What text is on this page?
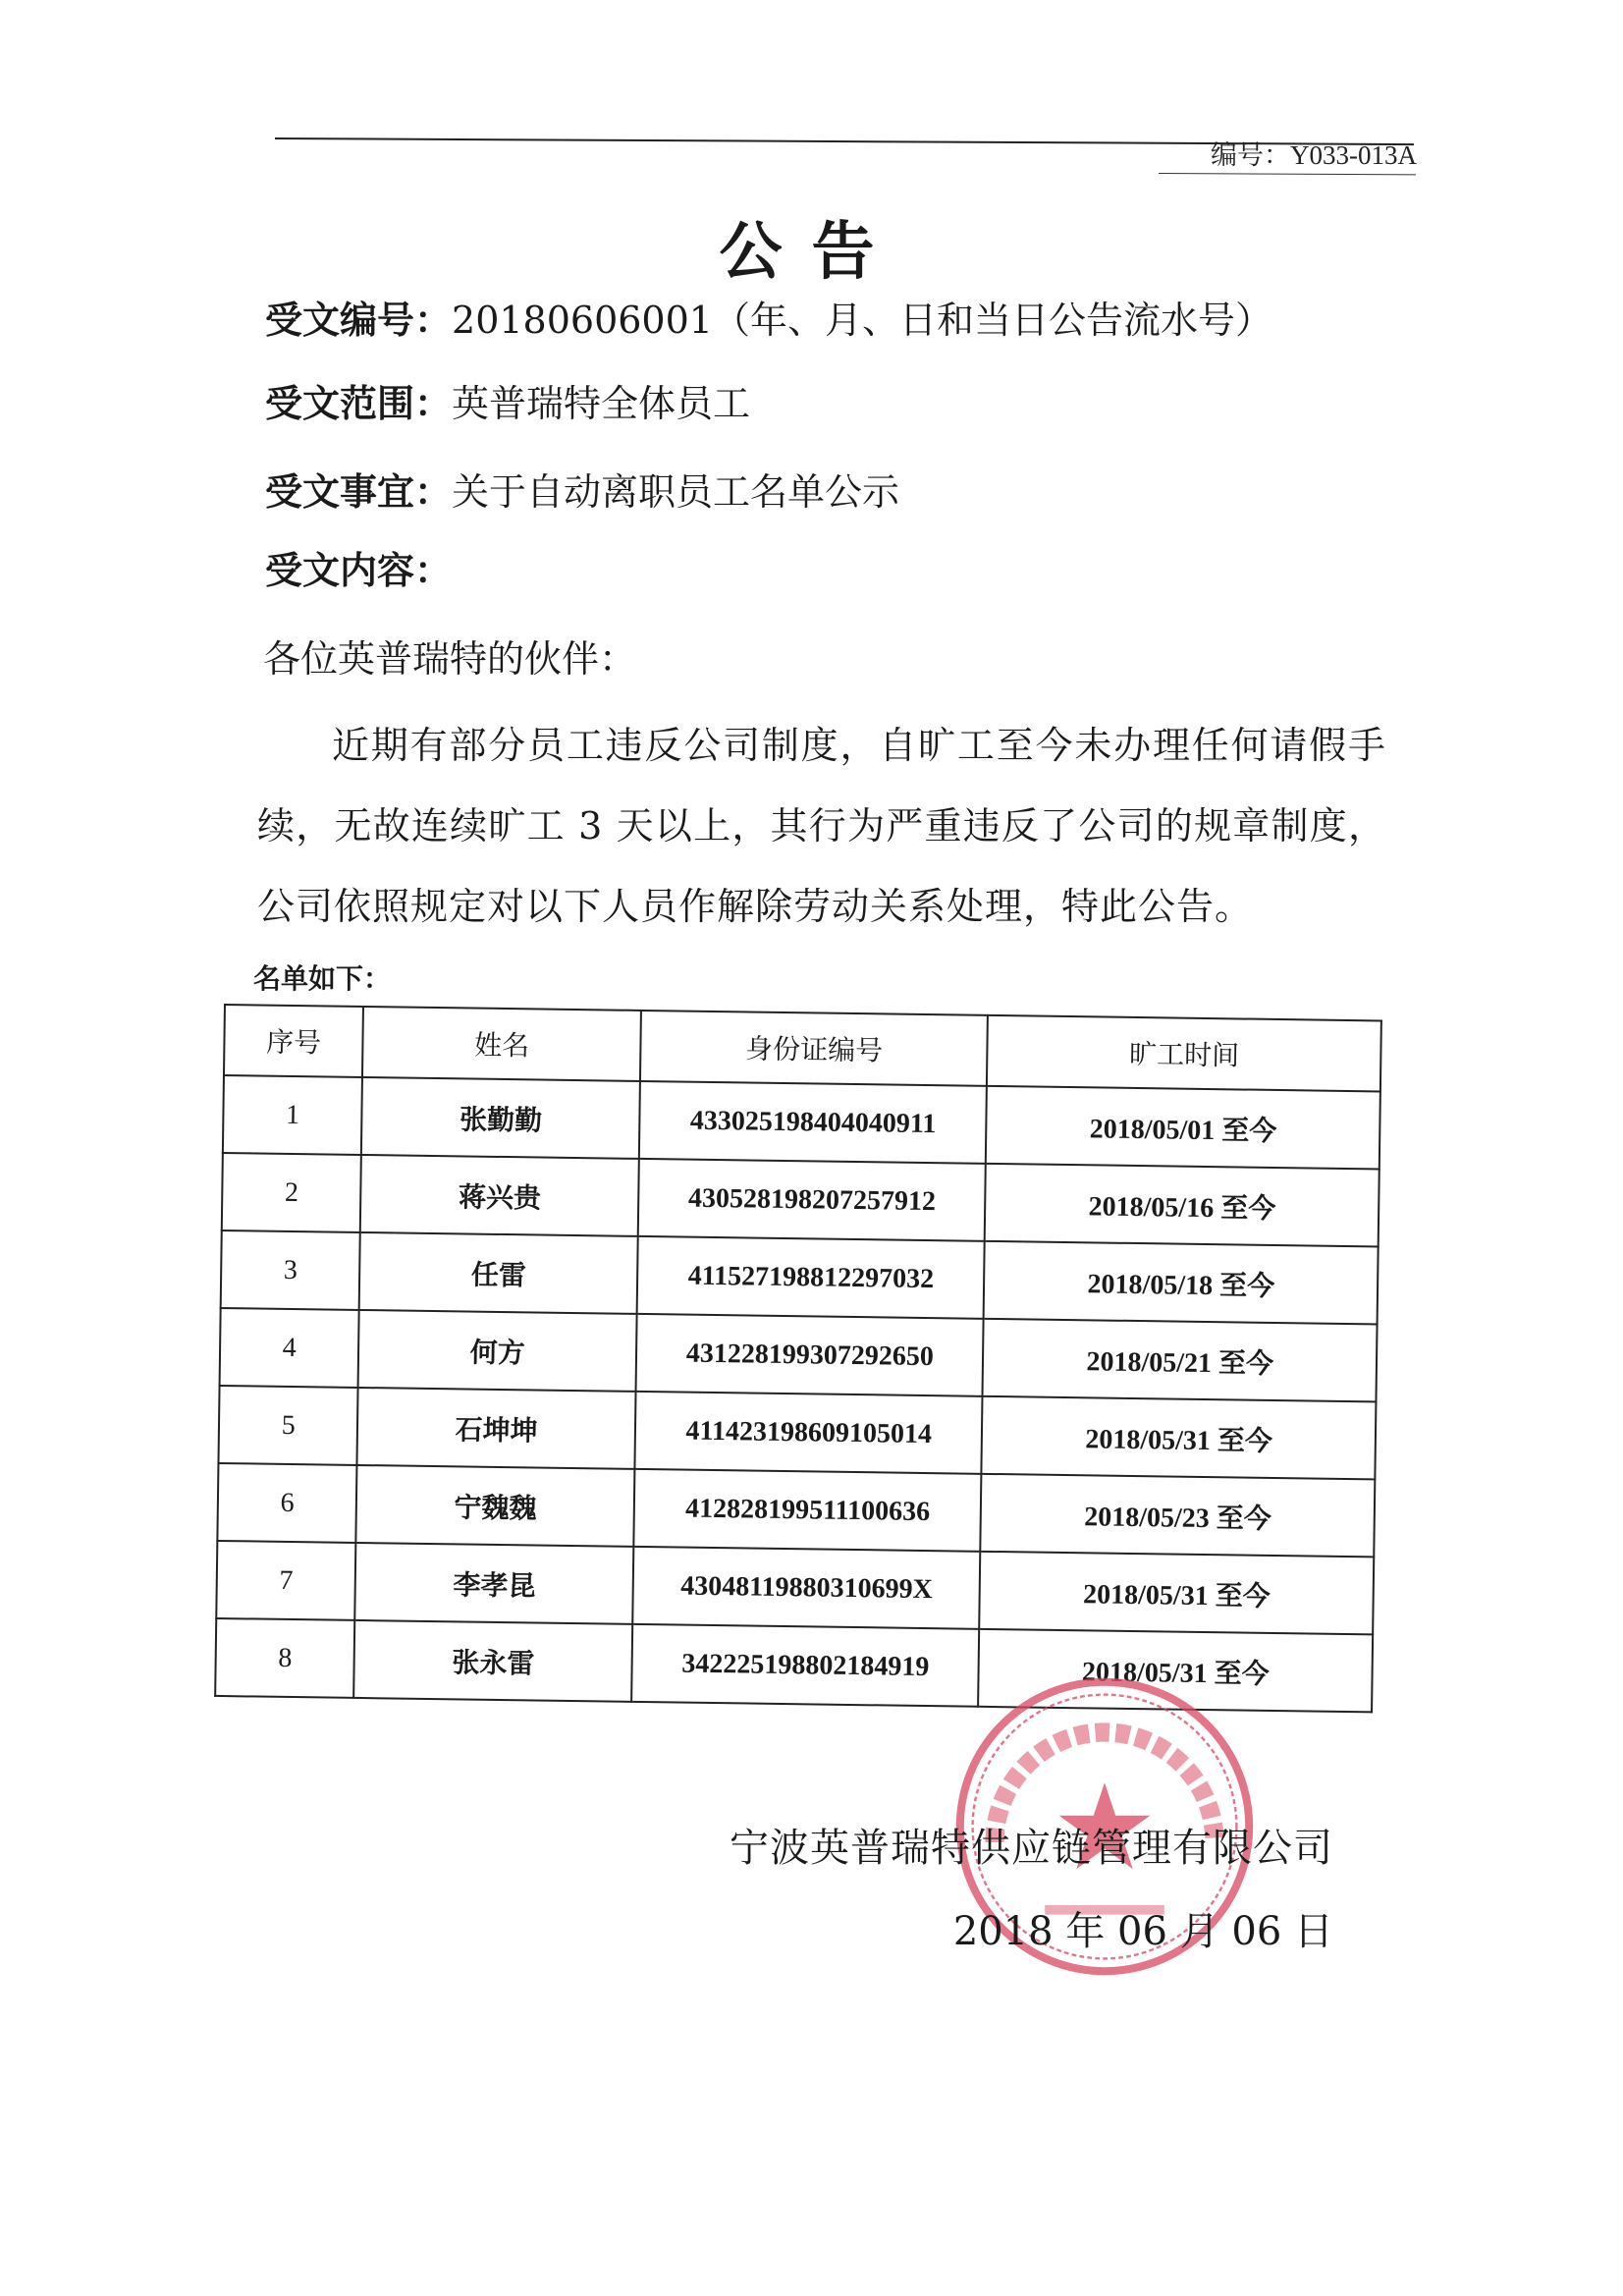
编号：Y033-013A
公告
受文编号：20180606001（年、月、日和当日公告流水号）
受文范围：英普瑞特全体员工
受文事宜：关于自动离职员工名单公示
受文内容：
各位英普瑞特的伙伴：
近期有部分员工违反公司制度，自旷工至今未办理任何请假手续，无故连续旷工 3 天以上，其行为严重违反了公司的规章制度，公司依照规定对以下人员作解除劳动关系处理，特此公告。
名单如下：
序号	姓名	身份证编号	旷工时间
1	张勤勤	433025198404040911	2018/05/01 至今
2	蒋兴贵	430528198207257912	2018/05/16 至今
3	任雷	411527198812297032	2018/05/18 至今
4	何方	431228199307292650	2018/05/21 至今
5	石坤坤	411423198609105014	2018/05/31 至今
6	宁魏魏	412828199511100636	2018/05/23 至今
7	李孝昆	43048119880310699X	2018/05/31 至今
8	张永雷	342225198802184919	2018/05/31 至今
宁波英普瑞特供应链管理有限公司
2018 年 06 月 06 日
